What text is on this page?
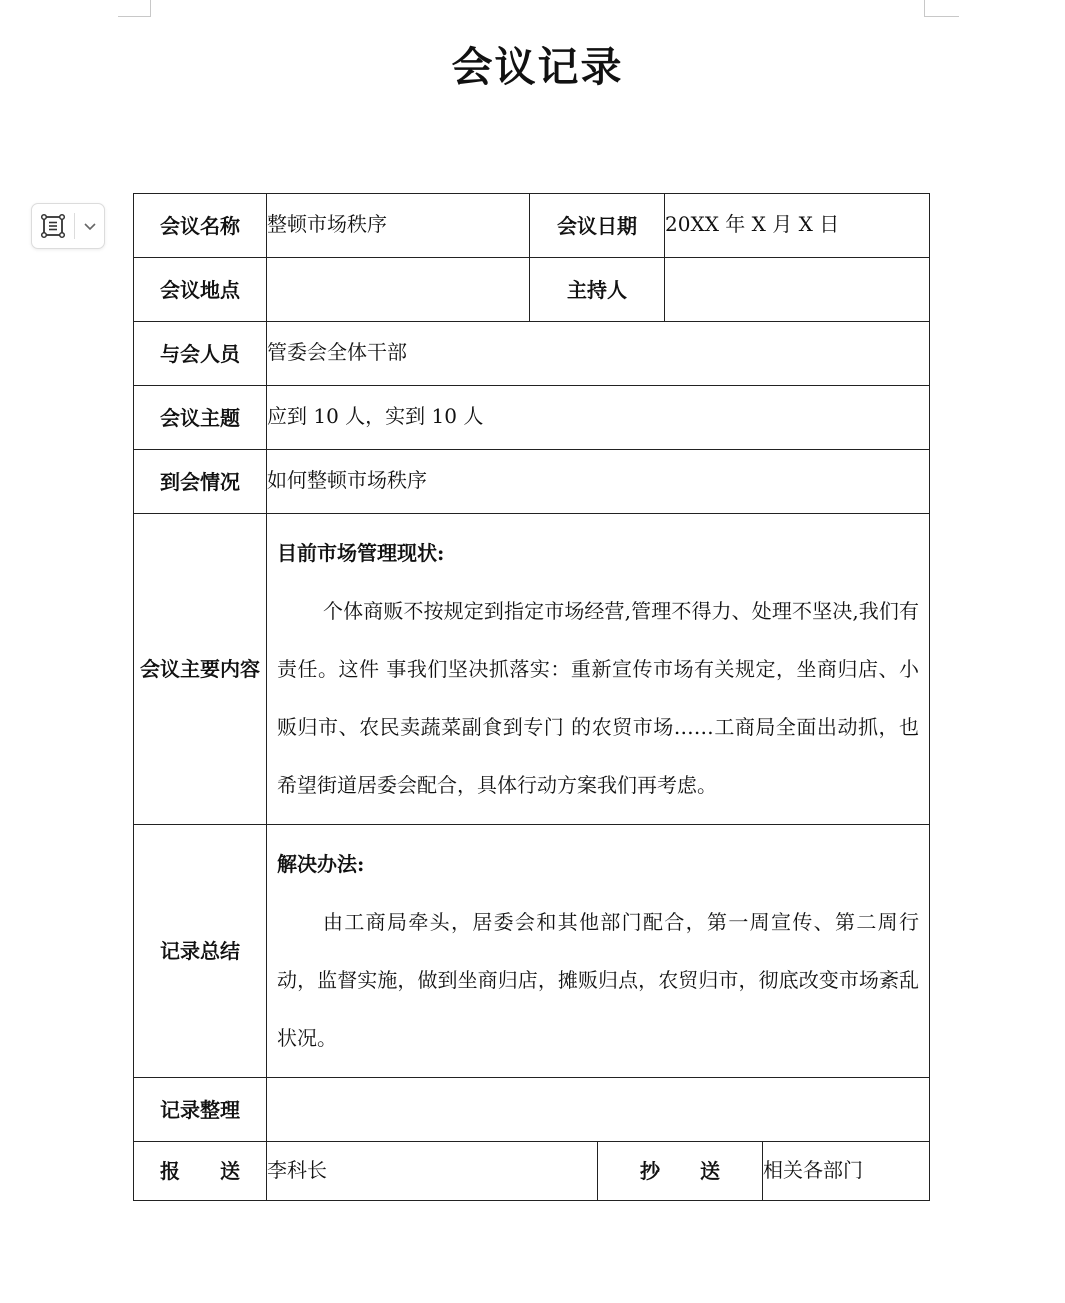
会议记录
会议名称	整顿市场秩序	会议日期		20XX 年 X 月 X 日	
会议地点		主持人			
与会人员	管委会全体干部				
会议主题	应到 10 人，实到 10 人				
到会情况	如何整顿市场秩序				
会议主要内容	目前市场管理现状:
个体商贩不按规定到指定市场经营,管理不得力、处理不坚决,我们有责任。这件 事我们坚决抓落实：重新宣传市场有关规定，坐商归店、小贩归市、农民卖蔬菜副食到专门 的农贸市场……工商局全面出动抓，也希望街道居委会配合，具体行动方案我们再考虑。				

记录总结	解决办法:
由工商局牵头，居委会和其他部门配合，第一周宣传、第二周行动，监督实施，做到坐商归店，摊贩归点，农贸归市，彻底改变市场紊乱状况。				

记录整理					
报 送	李科长		抄 送		相关各部门
